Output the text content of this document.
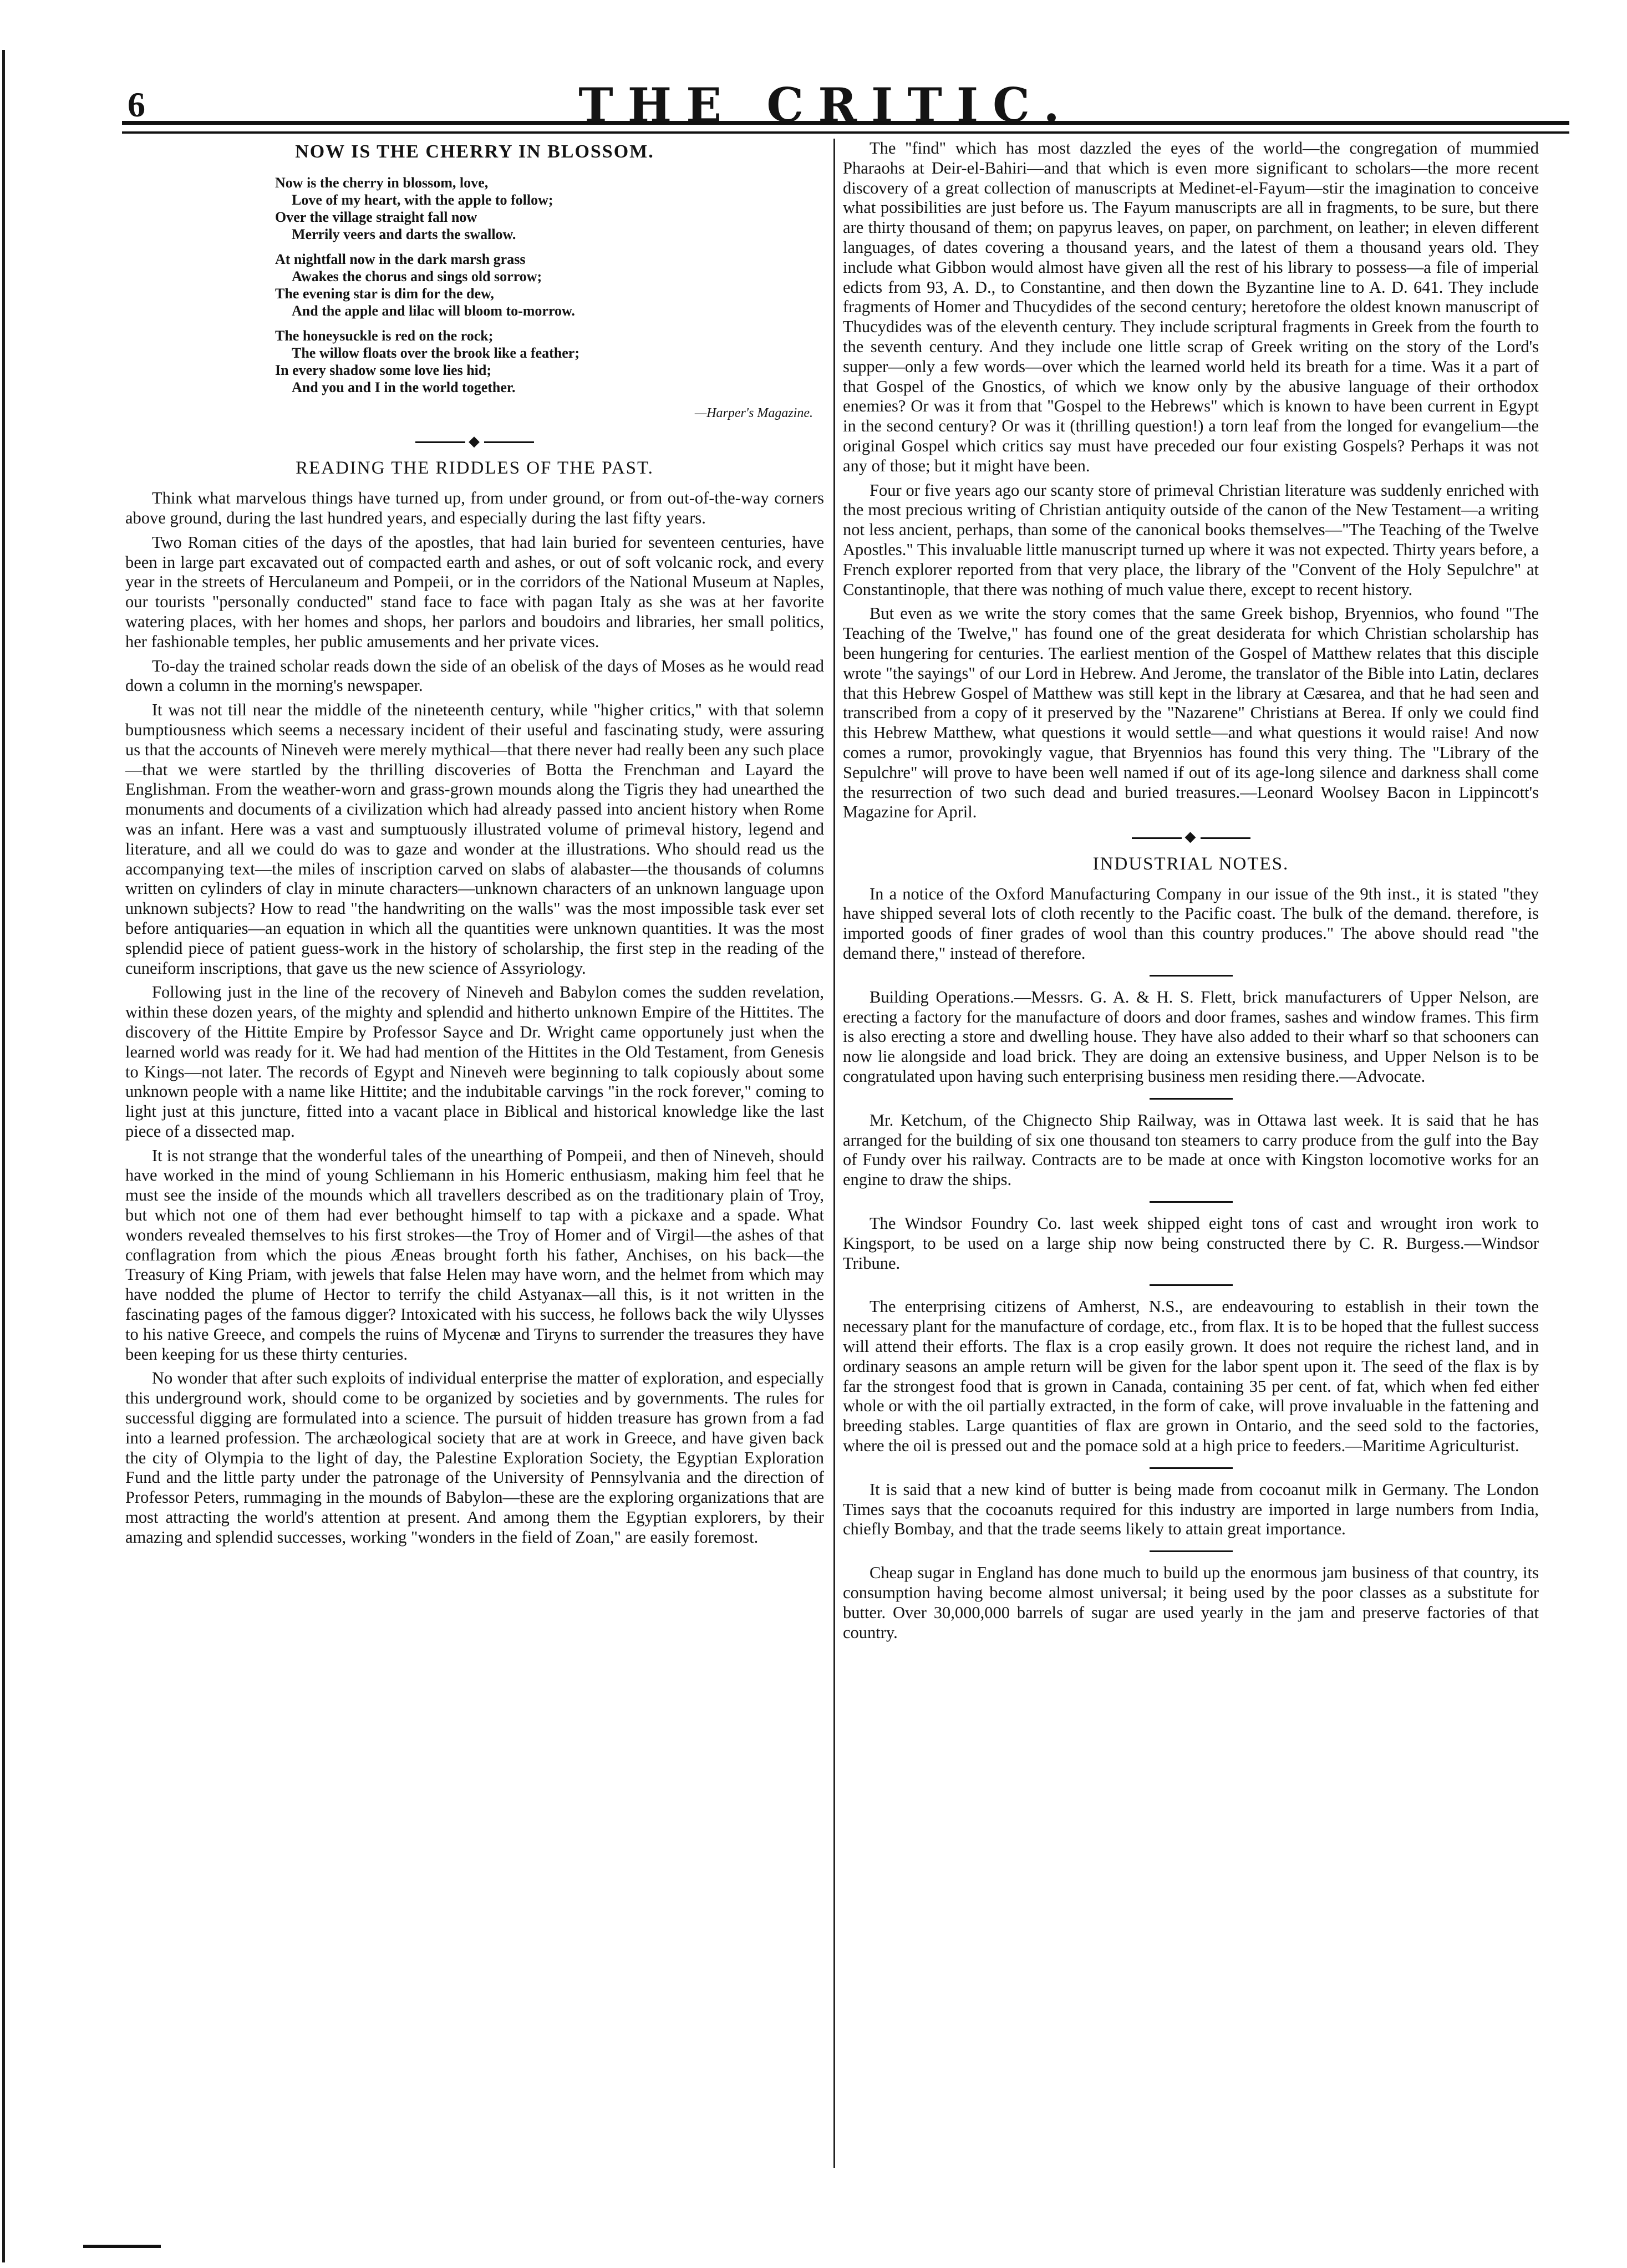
6	THE CRITIC.
NOW IS THE CHERRY IN BLOSSOM.

Now is the cherry in blossom, love,

Love of my heart, with the apple to follow;

Over the village straight fall now

Merrily veers and darts the swallow.

At nightfall now in the dark marsh grass

Awakes the chorus and sings old sorrow;

The evening star is dim for the dew,

And the apple and lilac will bloom to-morrow.

The honeysuckle is red on the rock;

The willow floats over the brook like a feather;

In every shadow some love lies hid;

And you and I in the world together.

—Harper's Magazine.
◆
READING THE RIDDLES OF THE PAST.

Think what marvelous things have turned up, from under ground, or from out-of-the-way corners above ground, during the last hundred years, and especially during the last fifty years.

Two Roman cities of the days of the apostles, that had lain buried for seventeen centuries, have been in large part excavated out of compacted earth and ashes, or out of soft volcanic rock, and every year in the streets of Herculaneum and Pompeii, or in the corridors of the National Museum at Naples, our tourists "personally conducted" stand face to face with pagan Italy as she was at her favorite watering places, with her homes and shops, her parlors and boudoirs and libraries, her small politics, her fashionable temples, her public amusements and her private vices.

To-day the trained scholar reads down the side of an obelisk of the days of Moses as he would read down a column in the morning's newspaper.

It was not till near the middle of the nineteenth century, while "higher critics," with that solemn bumptiousness which seems a necessary incident of their useful and fascinating study, were assuring us that the accounts of Nineveh were merely mythical—that there never had really been any such place—that we were startled by the thrilling discoveries of Botta the Frenchman and Layard the Englishman. From the weather-worn and grass-grown mounds along the Tigris they had unearthed the monuments and documents of a civilization which had already passed into ancient history when Rome was an infant. Here was a vast and sumptuously illustrated volume of primeval history, legend and literature, and all we could do was to gaze and wonder at the illustrations. Who should read us the accompanying text—the miles of inscription carved on slabs of alabaster—the thousands of columns written on cylinders of clay in minute characters—unknown characters of an unknown language upon unknown subjects? How to read "the handwriting on the walls" was the most impossible task ever set before antiquaries—an equation in which all the quantities were unknown quantities. It was the most splendid piece of patient guess-work in the history of scholarship, the first step in the reading of the cuneiform inscriptions, that gave us the new science of Assyriology.

Following just in the line of the recovery of Nineveh and Babylon comes the sudden revelation, within these dozen years, of the mighty and splendid and hitherto unknown Empire of the Hittites. The discovery of the Hittite Empire by Professor Sayce and Dr. Wright came opportunely just when the learned world was ready for it. We had had mention of the Hittites in the Old Testament, from Genesis to Kings—not later. The records of Egypt and Nineveh were beginning to talk copiously about some unknown people with a name like Hittite; and the indubitable carvings "in the rock forever," coming to light just at this juncture, fitted into a vacant place in Biblical and historical knowledge like the last piece of a dissected map.

It is not strange that the wonderful tales of the unearthing of Pompeii, and then of Nineveh, should have worked in the mind of young Schliemann in his Homeric enthusiasm, making him feel that he must see the inside of the mounds which all travellers described as on the traditionary plain of Troy, but which not one of them had ever bethought himself to tap with a pickaxe and a spade. What wonders revealed themselves to his first strokes—the Troy of Homer and of Virgil—the ashes of that conflagration from which the pious Æneas brought forth his father, Anchises, on his back—the Treasury of King Priam, with jewels that false Helen may have worn, and the helmet from which may have nodded the plume of Hector to terrify the child Astyanax—all this, is it not written in the fascinating pages of the famous digger? Intoxicated with his success, he follows back the wily Ulysses to his native Greece, and compels the ruins of Mycenæ and Tiryns to surrender the treasures they have been keeping for us these thirty centuries.

No wonder that after such exploits of individual enterprise the matter of exploration, and especially this underground work, should come to be organized by societies and by governments. The rules for successful digging are formulated into a science. The pursuit of hidden treasure has grown from a fad into a learned profession. The archæological society that are at work in Greece, and have given back the city of Olympia to the light of day, the Palestine Exploration Society, the Egyptian Exploration Fund and the little party under the patronage of the University of Pennsylvania and the direction of Professor Peters, rummaging in the mounds of Babylon—these are the exploring organizations that are most attracting the world's attention at present. And among them the Egyptian explorers, by their amazing and splendid successes, working "wonders in the field of Zoan," are easily foremost.

The "find" which has most dazzled the eyes of the world—the congregation of mummied Pharaohs at Deir-el-Bahiri—and that which is even more significant to scholars—the more recent discovery of a great collection of manuscripts at Medinet-el-Fayum—stir the imagination to conceive what possibilities are just before us. The Fayum manuscripts are all in fragments, to be sure, but there are thirty thousand of them; on papyrus leaves, on paper, on parchment, on leather; in eleven different languages, of dates covering a thousand years, and the latest of them a thousand years old. They include what Gibbon would almost have given all the rest of his library to possess—a file of imperial edicts from 93, A. D., to Constantine, and then down the Byzantine line to A. D. 641. They include fragments of Homer and Thucydides of the second century; heretofore the oldest known manuscript of Thucydides was of the eleventh century. They include scriptural fragments in Greek from the fourth to the seventh century. And they include one little scrap of Greek writing on the story of the Lord's supper—only a few words—over which the learned world held its breath for a time. Was it a part of that Gospel of the Gnostics, of which we know only by the abusive language of their orthodox enemies? Or was it from that "Gospel to the Hebrews" which is known to have been current in Egypt in the second century? Or was it (thrilling question!) a torn leaf from the longed for evangelium—the original Gospel which critics say must have preceded our four existing Gospels? Perhaps it was not any of those; but it might have been.

Four or five years ago our scanty store of primeval Christian literature was suddenly enriched with the most precious writing of Christian antiquity outside of the canon of the New Testament—a writing not less ancient, perhaps, than some of the canonical books themselves—"The Teaching of the Twelve Apostles." This invaluable little manuscript turned up where it was not expected. Thirty years before, a French explorer reported from that very place, the library of the "Convent of the Holy Sepulchre" at Constantinople, that there was nothing of much value there, except to recent history.

But even as we write the story comes that the same Greek bishop, Bryennios, who found "The Teaching of the Twelve," has found one of the great desiderata for which Christian scholarship has been hungering for centuries. The earliest mention of the Gospel of Matthew relates that this disciple wrote "the sayings" of our Lord in Hebrew. And Jerome, the translator of the Bible into Latin, declares that this Hebrew Gospel of Matthew was still kept in the library at Cæsarea, and that he had seen and transcribed from a copy of it preserved by the "Nazarene" Christians at Berea. If only we could find this Hebrew Matthew, what questions it would settle—and what questions it would raise! And now comes a rumor, provokingly vague, that Bryennios has found this very thing. The "Library of the Sepulchre" will prove to have been well named if out of its age-long silence and darkness shall come the resurrection of two such dead and buried treasures.—Leonard Woolsey Bacon in Lippincott's Magazine for April.

◆
INDUSTRIAL NOTES.

In a notice of the Oxford Manufacturing Company in our issue of the 9th inst., it is stated "they have shipped several lots of cloth recently to the Pacific coast. The bulk of the demand. therefore, is imported goods of finer grades of wool than this country produces." The above should read "the demand there," instead of therefore.

Building Operations.—Messrs. G. A. & H. S. Flett, brick manufacturers of Upper Nelson, are erecting a factory for the manufacture of doors and door frames, sashes and window frames. This firm is also erecting a store and dwelling house. They have also added to their wharf so that schooners can now lie alongside and load brick. They are doing an extensive business, and Upper Nelson is to be congratulated upon having such enterprising business men residing there.—Advocate.

Mr. Ketchum, of the Chignecto Ship Railway, was in Ottawa last week. It is said that he has arranged for the building of six one thousand ton steamers to carry produce from the gulf into the Bay of Fundy over his railway. Contracts are to be made at once with Kingston locomotive works for an engine to draw the ships.

The Windsor Foundry Co. last week shipped eight tons of cast and wrought iron work to Kingsport, to be used on a large ship now being constructed there by C. R. Burgess.—Windsor Tribune.

The enterprising citizens of Amherst, N.S., are endeavouring to establish in their town the necessary plant for the manufacture of cordage, etc., from flax. It is to be hoped that the fullest success will attend their efforts. The flax is a crop easily grown. It does not require the richest land, and in ordinary seasons an ample return will be given for the labor spent upon it. The seed of the flax is by far the strongest food that is grown in Canada, containing 35 per cent. of fat, which when fed either whole or with the oil partially extracted, in the form of cake, will prove invaluable in the fattening and breeding stables. Large quantities of flax are grown in Ontario, and the seed sold to the factories, where the oil is pressed out and the pomace sold at a high price to feeders.—Maritime Agriculturist.

It is said that a new kind of butter is being made from cocoanut milk in Germany. The London Times says that the cocoanuts required for this industry are imported in large numbers from India, chiefly Bombay, and that the trade seems likely to attain great importance.

Cheap sugar in England has done much to build up the enormous jam business of that country, its consumption having become almost universal; it being used by the poor classes as a substitute for butter. Over 30,000,000 barrels of sugar are used yearly in the jam and preserve factories of that country.
